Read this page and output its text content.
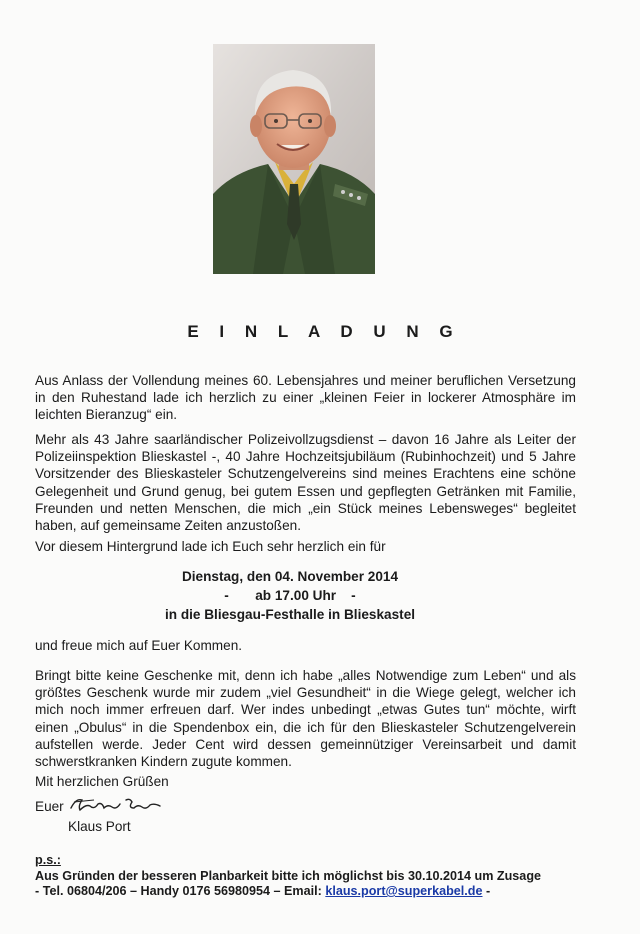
E I N L A D U N G

Aus Anlass der Vollendung meines 60. Lebensjahres und meiner beruflichen Versetzung in den Ruhestand lade ich herzlich zu einer „kleinen Feier in lockerer Atmosphäre im leichten Bieranzug“ ein.

Mehr als 43 Jahre saarländischer Polizeivollzugsdienst – davon 16 Jahre als Leiter der Polizeiinspektion Blieskastel -, 40 Jahre Hochzeitsjubiläum (Rubinhochzeit) und 5 Jahre Vorsitzender des Blieskasteler Schutzengelvereins sind meines Erachtens eine schöne Gelegenheit und Grund genug, bei gutem Essen und gepflegten Getränken mit Familie, Freunden und netten Menschen, die mich „ein Stück meines Lebensweges“ begleitet haben, auf gemeinsame Zeiten anzustoßen.

Vor diesem Hintergrund lade ich Euch sehr herzlich ein für

Dienstag, den 04. November 2014
-       ab 17.00 Uhr    -
in die Bliesgau-Festhalle in Blieskastel

und freue mich auf Euer Kommen.

Bringt bitte keine Geschenke mit, denn ich habe „alles Notwendige zum Leben“ und als größtes Geschenk wurde mir zudem „viel Gesundheit“ in die Wiege gelegt, welcher ich mich noch immer erfreuen darf. Wer indes unbedingt „etwas Gutes tun“ möchte, wirft einen „Obulus“ in die Spendenbox ein, die ich für den Blieskasteler Schutzengelverein aufstellen werde. Jeder Cent wird dessen gemeinnütziger Vereinsarbeit und damit schwerstkranken Kindern zugute kommen.

Mit herzlichen Grüßen

Euer
Klaus Port
p.s.:
Aus Gründen der besseren Planbarkeit bitte ich möglichst bis 30.10.2014 um Zusage
- Tel. 06804/206 – Handy 0176 56980954 – Email: klaus.port@superkabel.de -
